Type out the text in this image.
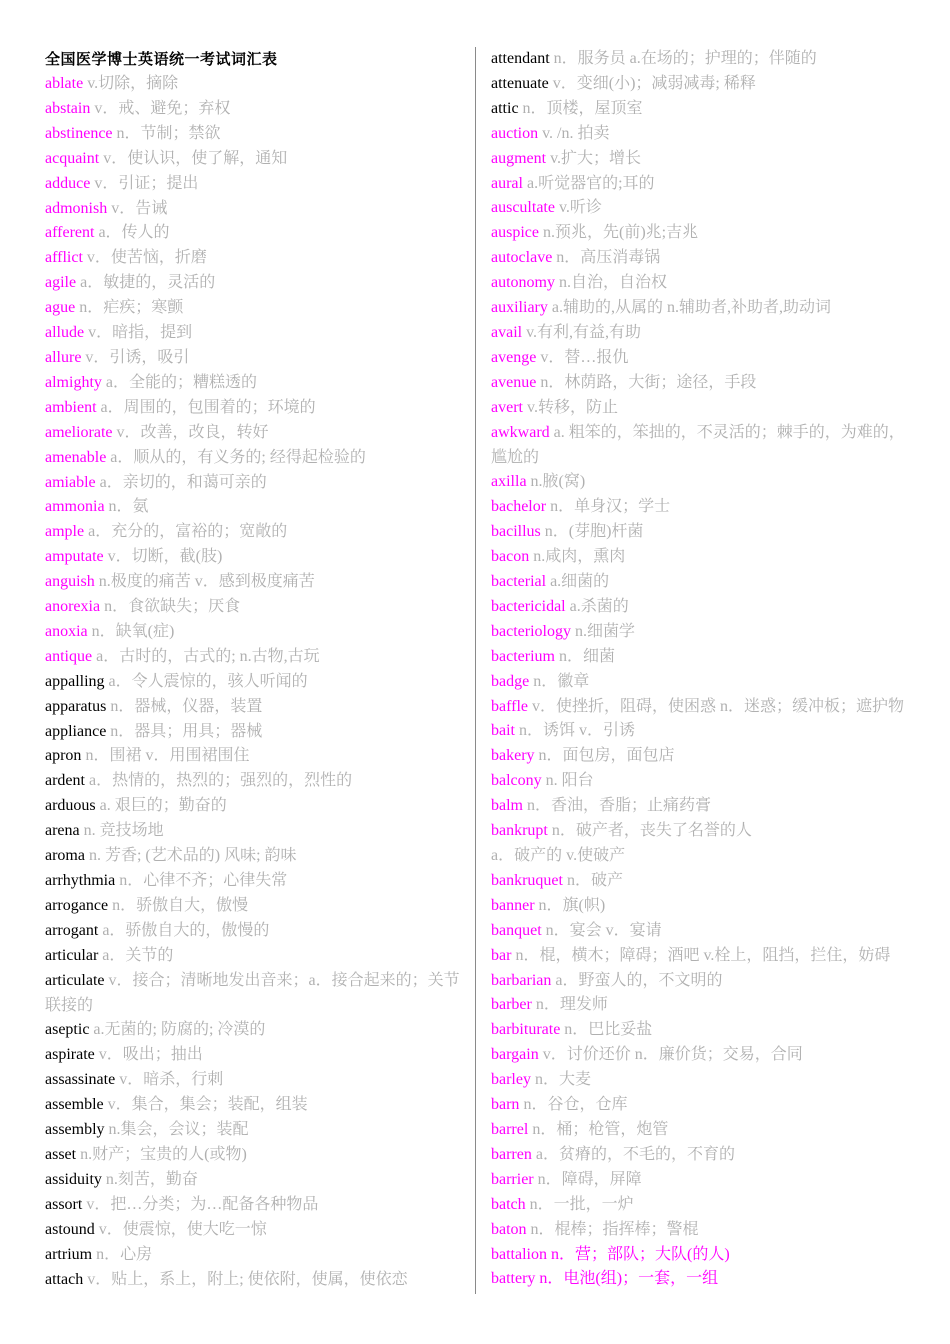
全国医学博士英语统一考试词汇表
ablate v.切除，摘除
abstain v．戒、避免；弃权
abstinence n．节制；禁欲
acquaint v．使认识，使了解，通知
adduce v．引证；提出
admonish v．告诫
afferent a．传人的
afflict v．使苦恼，折磨
agile a．敏捷的，灵活的
ague n．疟疾；寒颤
allude v．暗指，提到
allure v．引诱，吸引
almighty a．全能的；糟糕透的
ambient a．周围的，包围着的；环境的
ameliorate v．改善，改良，转好
amenable a．顺从的，有义务的; 经得起检验的
amiable a．亲切的，和蔼可亲的
ammonia n．氨
ample a．充分的，富裕的；宽敞的
amputate v．切断，截(肢)
anguish n.极度的痛苦 v．感到极度痛苦
anorexia n．食欲缺失；厌食
anoxia n．缺氧(症)
antique a．古时的，古式的; n.古物,古玩
appalling a．令人震惊的，骇人听闻的
apparatus n．器械，仪器，装置
appliance n．器具；用具；器械
apron n．围裙 v．用围裙围住
ardent a．热情的，热烈的；强烈的，烈性的
arduous a. 艰巨的；勤奋的
arena n. 竞技场地
aroma n. 芳香; (艺术品的) 风味; 韵味
arrhythmia n．心律不齐；心律失常
arrogance n．骄傲自大，傲慢
arrogant a．骄傲自大的，傲慢的
articular a．关节的
articulate v．接合；清晰地发出音来；a．接合起来的；关节联接的
aseptic a.无菌的; 防腐的; 冷漠的
aspirate v．吸出；抽出
assassinate v．暗杀，行刺
assemble v．集合，集会；装配，组装
assembly n.集会，会议；装配
asset n.财产；宝贵的人(或物)
assiduity n.刻苦，勤奋
assort v．把…分类；为…配备各种物品
astound v．使震惊，使大吃一惊
artrium n．心房
attach v．贴上，系上，附上; 使依附，使属，使依恋
attendant n．服务员 a.在场的；护理的；伴随的
attenuate v．变细(小)；减弱减毒; 稀释
attic n．顶楼，屋顶室
auction v. /n. 拍卖
augment v.扩大；增长
aural a.听觉器官的;耳的
auscultate v.听诊
auspice n.预兆，先(前)兆;吉兆
autoclave n．高压消毒锅
autonomy n.自治，自治权
auxiliary a.辅助的,从属的 n.辅助者,补助者,助动词
avail v.有利,有益,有助
avenge v．替…报仇
avenue n．林荫路，大街；途径，手段
avert v.转移，防止
awkward a. 粗笨的，笨拙的，不灵活的；棘手的，为难的，尴尬的
axilla n.腋(窝)
bachelor n．单身汉；学士
bacillus n．(芽胞)杆菌
bacon n.咸肉，熏肉
bacterial a.细菌的
bactericidal a.杀菌的
bacteriology n.细菌学
bacterium n．细菌
badge n．徽章
baffle v．使挫折，阻碍，使困惑 n．迷惑；缓冲板；遮护物
bait n．诱饵 v．引诱
bakery n．面包房，面包店
balcony n. 阳台
balm n．香油，香脂；止痛药膏
bankrupt n．破产者，丧失了名誉的人
a．破产的 v.使破产
bankruquet n．破产
banner n．旗(帜)
banquet n．宴会 v．宴请
bar n．棍，横木；障碍；酒吧 v.栓上，阻挡，拦住，妨碍
barbarian a．野蛮人的，不文明的
barber n．理发师
barbiturate n．巴比妥盐
bargain v．讨价还价 n．廉价货；交易，合同
barley n．大麦
barn n．谷仓，仓库
barrel n．桶；枪管，炮管
barren a．贫瘠的，不毛的，不育的
barrier n．障碍，屏障
batch n．一批，一炉
baton n．棍棒；指挥棒；警棍
battalion n．营；部队；大队(的人)
battery n．电池(组)；一套，一组
